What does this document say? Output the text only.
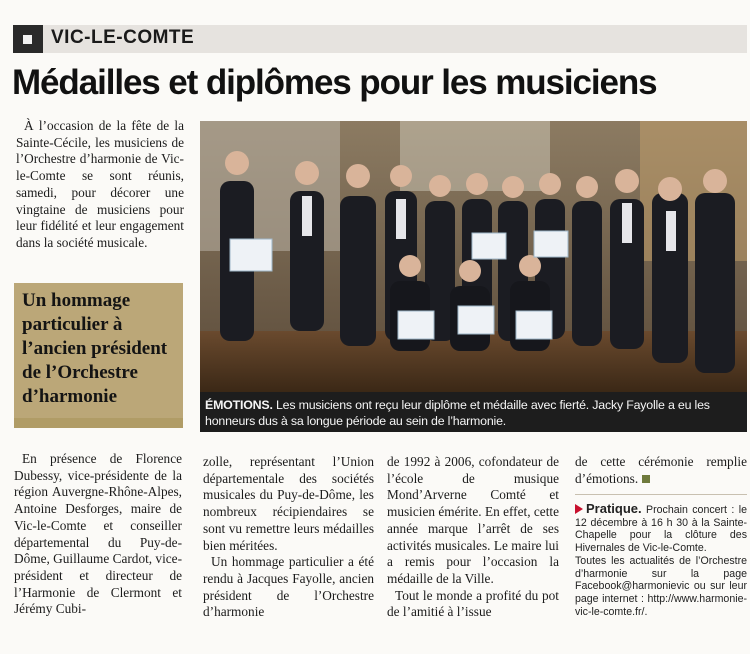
VIC-LE-COMTE
Médailles et diplômes pour les musiciens

À l’occasion de la fête de la Sainte-Cécile, les musiciens de l’Orchestre d’harmonie de Vic-le-Comte se sont réunis, samedi, pour décorer une vingtaine de musiciens pour leur fidélité et leur engagement dans la société musicale.

Un hommage particulier à l’ancien président de l’Orchestre d’harmonie	ÉMOTIONS. Les musiciens ont reçu leur diplôme et médaille avec fierté. Jacky Fayolle a eu les honneurs dus à sa longue période au sein de l’harmonie.

En présence de Florence Dubessy, vice-présidente de la région Auvergne-Rhône-Alpes, Antoine Desforges, maire de Vic-le-Comte et conseiller départemental du Puy-de-Dôme, Guillaume Cardot, vice-président et directeur de l’Harmonie de Clermont et Jérémy Cubi-

zolle, représentant l’Union départementale des sociétés musicales du Puy-de-Dôme, les nombreux récipiendaires se sont vu remettre leurs médailles bien méritées.

Un hommage particulier a été rendu à Jacques Fayolle, ancien président de l’Orchestre d’harmonie

de 1992 à 2006, cofondateur de l’école de musique Mond’Arverne Comté et musicien émérite. En effet, cette année marque l’arrêt de ses activités musicales. Le maire lui a remis pour l’occasion la médaille de la Ville.

Tout le monde a profité du pot de l’amitié à l’issue

de cette cérémonie remplie d’émotions.

Pratique. Prochain concert : le 12 décembre à 16 h 30 à la Sainte-Chapelle pour la clôture des Hivernales de Vic-le-Comte.

Toutes les actualités de l’Orchestre d’harmonie sur la page Facebook@harmonievic ou sur leur page internet : http://www.harmonie-vic-le-comte.fr/.
